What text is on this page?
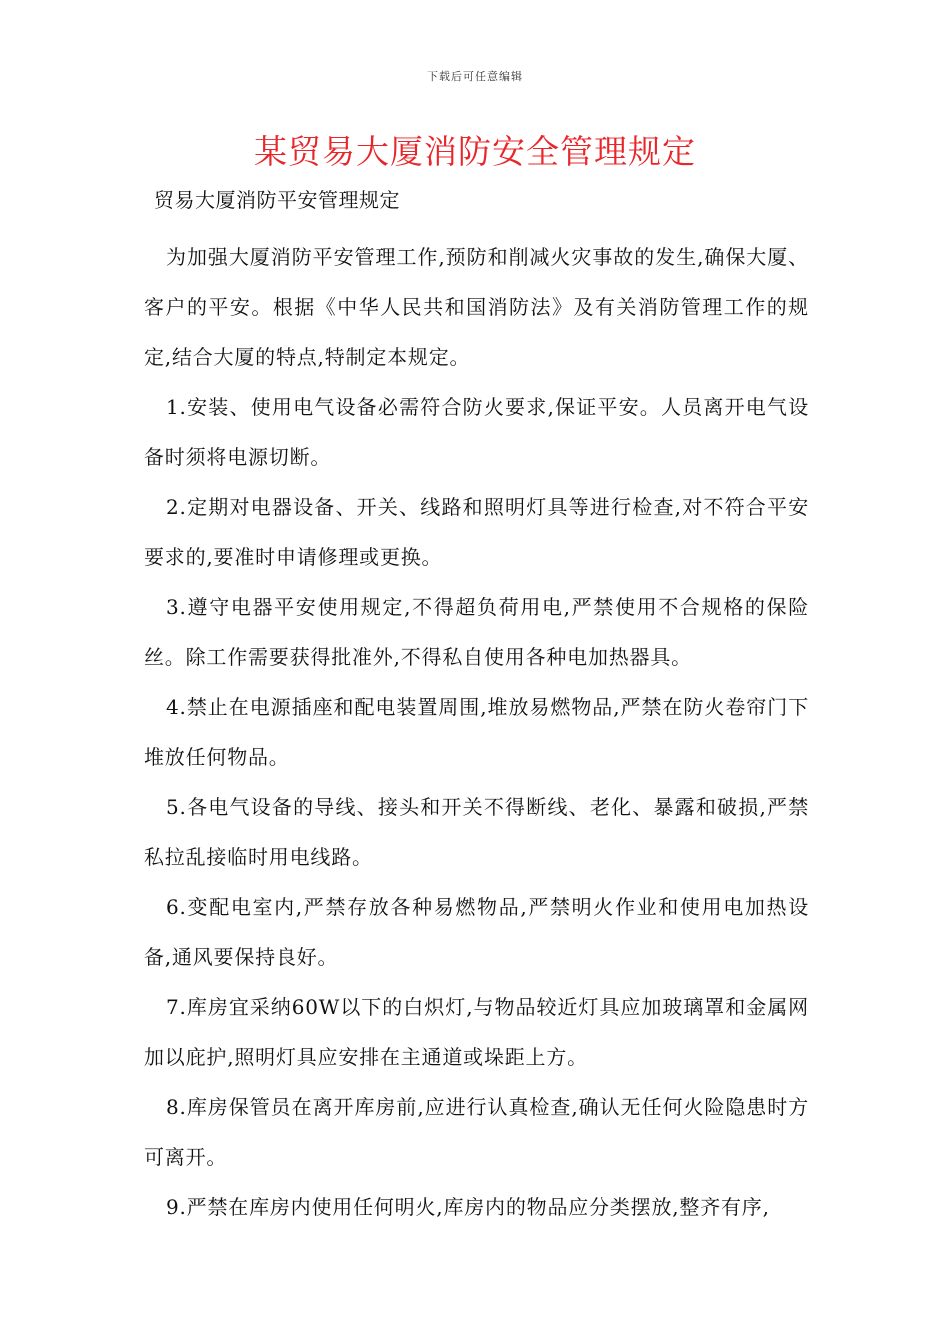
下载后可任意编辑
某贸易大厦消防安全管理规定

贸易大厦消防平安管理规定

为加强大厦消防平安管理工作,预防和削减火灾事故的发生,确保大厦、客户的平安。根据《中华人民共和国消防法》及有关消防管理工作的规定,结合大厦的特点,特制定本规定。

1.安装、使用电气设备必需符合防火要求,保证平安。人员离开电气设备时须将电源切断。

2.定期对电器设备、开关、线路和照明灯具等进行检查,对不符合平安要求的,要准时申请修理或更换。

3.遵守电器平安使用规定,不得超负荷用电,严禁使用不合规格的保险丝。除工作需要获得批准外,不得私自使用各种电加热器具。

4.禁止在电源插座和配电装置周围,堆放易燃物品,严禁在防火卷帘门下堆放任何物品。

5.各电气设备的导线、接头和开关不得断线、老化、暴露和破损,严禁私拉乱接临时用电线路。

6.变配电室内,严禁存放各种易燃物品,严禁明火作业和使用电加热设备,通风要保持良好。

7.库房宜采纳60W以下的白炽灯,与物品较近灯具应加玻璃罩和金属网加以庇护,照明灯具应安排在主通道或垛距上方。

8.库房保管员在离开库房前,应进行认真检查,确认无任何火险隐患时方可离开。

9.严禁在库房内使用任何明火,库房内的物品应分类摆放,整齐有序,
